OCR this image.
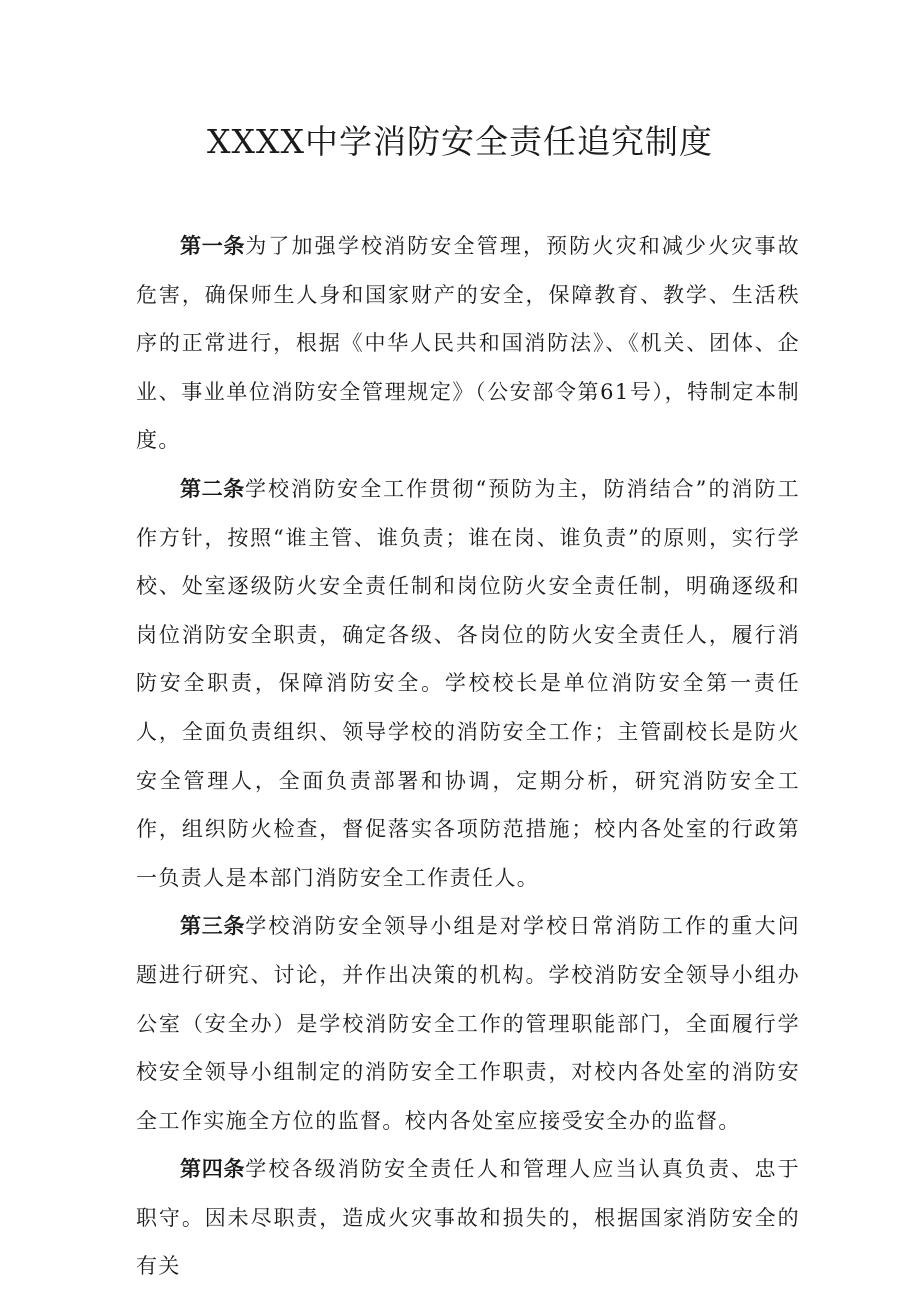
XXXX中学消防安全责任追究制度

第一条为了加强学校消防安全管理，预防火灾和减少火灾事故危害，确保师生人身和国家财产的安全，保障教育、教学、生活秩序的正常进行，根据《中华人民共和国消防法》、《机关、团体、企业、事业单位消防安全管理规定》（公安部令第61号），特制定本制度。

第二条学校消防安全工作贯彻“预防为主，防消结合”的消防工作方针，按照“谁主管、谁负责；谁在岗、谁负责”的原则，实行学校、处室逐级防火安全责任制和岗位防火安全责任制，明确逐级和岗位消防安全职责，确定各级、各岗位的防火安全责任人，履行消防安全职责，保障消防安全。学校校长是单位消防安全第一责任人，全面负责组织、领导学校的消防安全工作；主管副校长是防火安全管理人，全面负责部署和协调，定期分析，研究消防安全工作，组织防火检查，督促落实各项防范措施；校内各处室的行政第一负责人是本部门消防安全工作责任人。

第三条学校消防安全领导小组是对学校日常消防工作的重大问题进行研究、讨论，并作出决策的机构。学校消防安全领导小组办公室（安全办）是学校消防安全工作的管理职能部门，全面履行学校安全领导小组制定的消防安全工作职责，对校内各处室的消防安全工作实施全方位的监督。校内各处室应接受安全办的监督。

第四条学校各级消防安全责任人和管理人应当认真负责、忠于职守。因未尽职责，造成火灾事故和损失的，根据国家消防安全的有关
